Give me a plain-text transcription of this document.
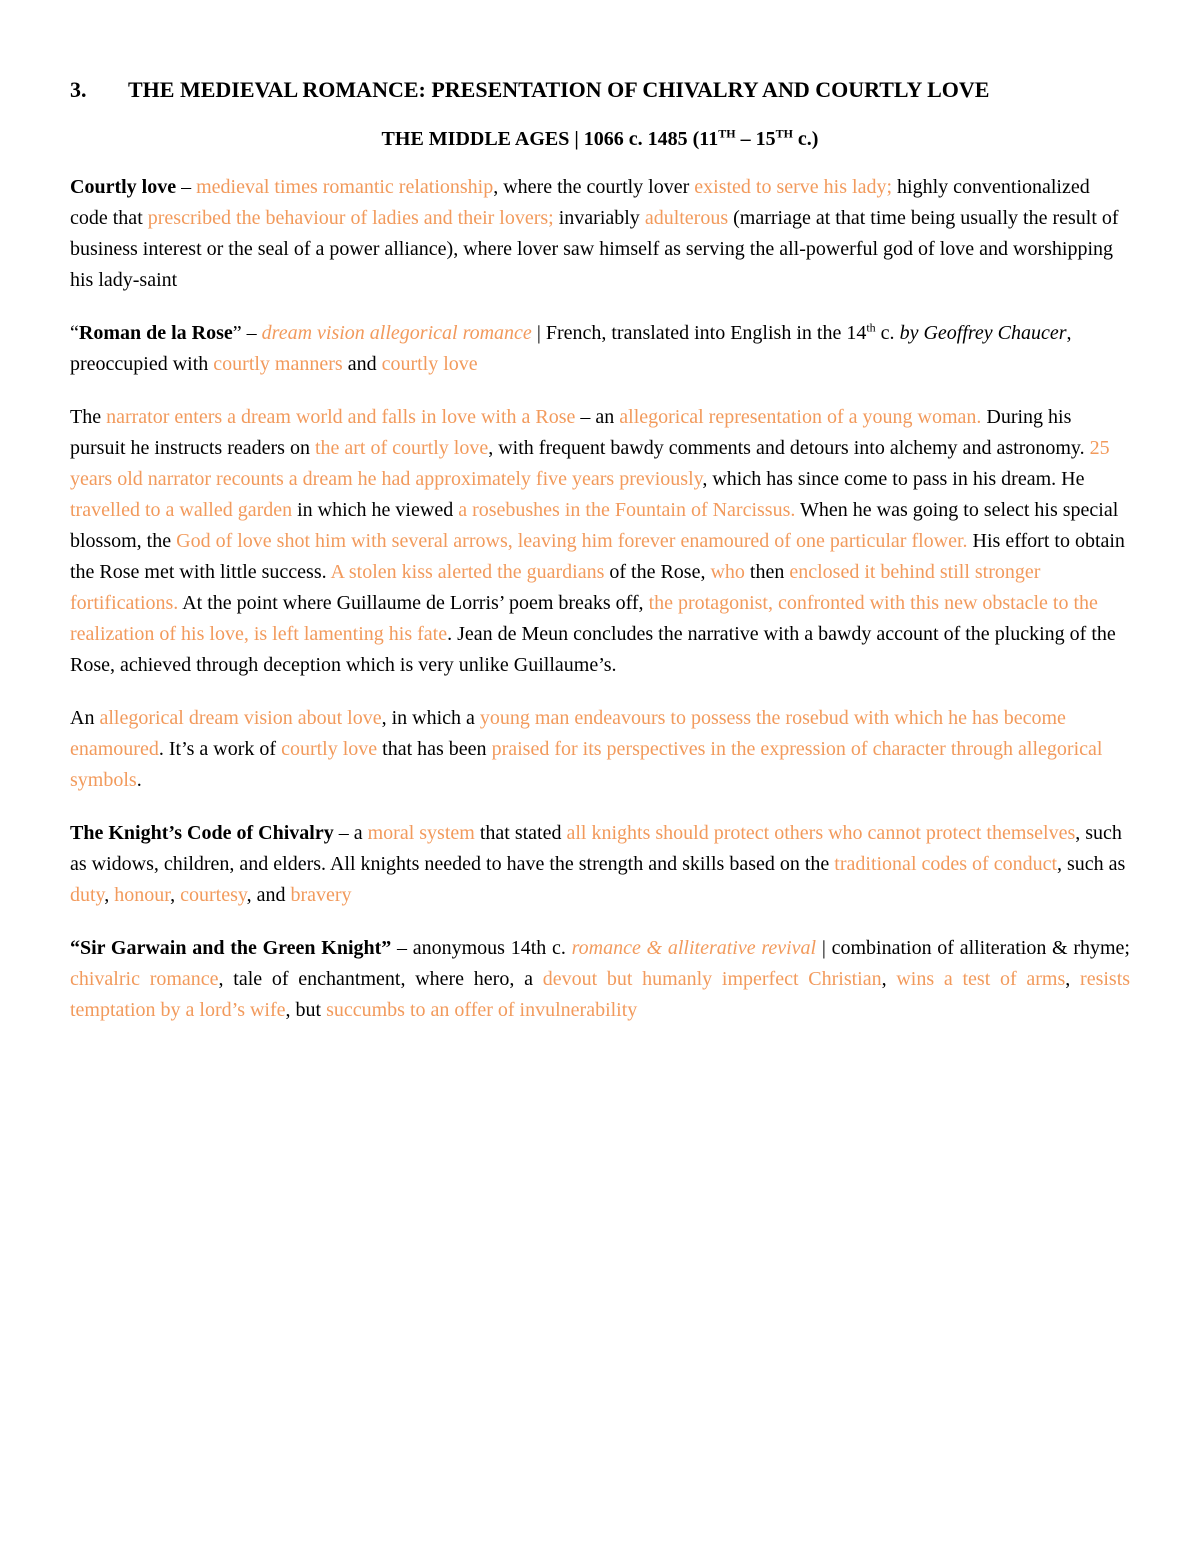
3.	THE MEDIEVAL ROMANCE: PRESENTATION OF CHIVALRY AND COURTLY LOVE
THE MIDDLE AGES | 1066 c. 1485 (11TH – 15TH c.)

Courtly love – medieval times romantic relationship, where the courtly lover existed to serve his lady; highly conventionalized code that prescribed the behaviour of ladies and their lovers; invariably adulterous (marriage at that time being usually the result of business interest or the seal of a power alliance), where lover saw himself as serving the all-powerful god of love and worshipping his lady-saint

“Roman de la Rose” – dream vision allegorical romance | French, translated into English in the 14th c. by Geoffrey Chaucer, preoccupied with courtly manners and courtly love

The narrator enters a dream world and falls in love with a Rose – an allegorical representation of a young woman. During his pursuit he instructs readers on the art of courtly love, with frequent bawdy comments and detours into alchemy and astronomy. 25 years old narrator recounts a dream he had approximately five years previously, which has since come to pass in his dream. He travelled to a walled garden in which he viewed a rosebushes in the Fountain of Narcissus. When he was going to select his special blossom, the God of love shot him with several arrows, leaving him forever enamoured of one particular flower. His effort to obtain the Rose met with little success. A stolen kiss alerted the guardians of the Rose, who then enclosed it behind still stronger fortifications. At the point where Guillaume de Lorris’ poem breaks off, the protagonist, confronted with this new obstacle to the realization of his love, is left lamenting his fate. Jean de Meun concludes the narrative with a bawdy account of the plucking of the Rose, achieved through deception which is very unlike Guillaume’s.

An allegorical dream vision about love, in which a young man endeavours to possess the rosebud with which he has become enamoured. It’s a work of courtly love that has been praised for its perspectives in the expression of character through allegorical symbols.

The Knight’s Code of Chivalry – a moral system that stated all knights should protect others who cannot protect themselves, such as widows, children, and elders. All knights needed to have the strength and skills based on the traditional codes of conduct, such as duty, honour, courtesy, and bravery

“Sir Garwain and the Green Knight” – anonymous 14th c. romance & alliterative revival | combination of alliteration & rhyme; chivalric romance, tale of enchantment, where hero, a devout but humanly imperfect Christian, wins a test of arms, resists temptation by a lord’s wife, but succumbs to an offer of invulnerability
